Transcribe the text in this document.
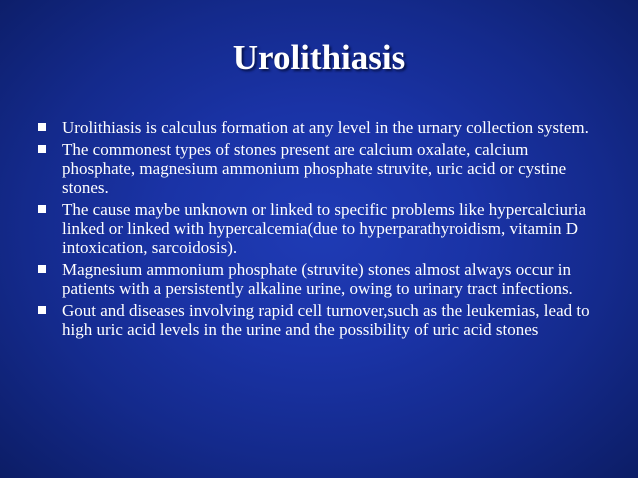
Urolithiasis
Urolithiasis is calculus formation at any level in the urnary collection system.
The commonest types of stones present are calcium oxalate, calcium phosphate, magnesium ammonium phosphate struvite, uric acid or cystine stones.
The cause maybe unknown or linked to specific problems like hypercalciuria linked or linked with hypercalcemia(due to hyperparathyroidism, vitamin D intoxication, sarcoidosis).
Magnesium ammonium phosphate (struvite) stones almost always occur in patients with a persistently alkaline urine, owing to urinary tract infections.
Gout and diseases involving rapid cell turnover,such as the leukemias, lead to high uric acid levels in the urine and the possibility of uric acid stones
